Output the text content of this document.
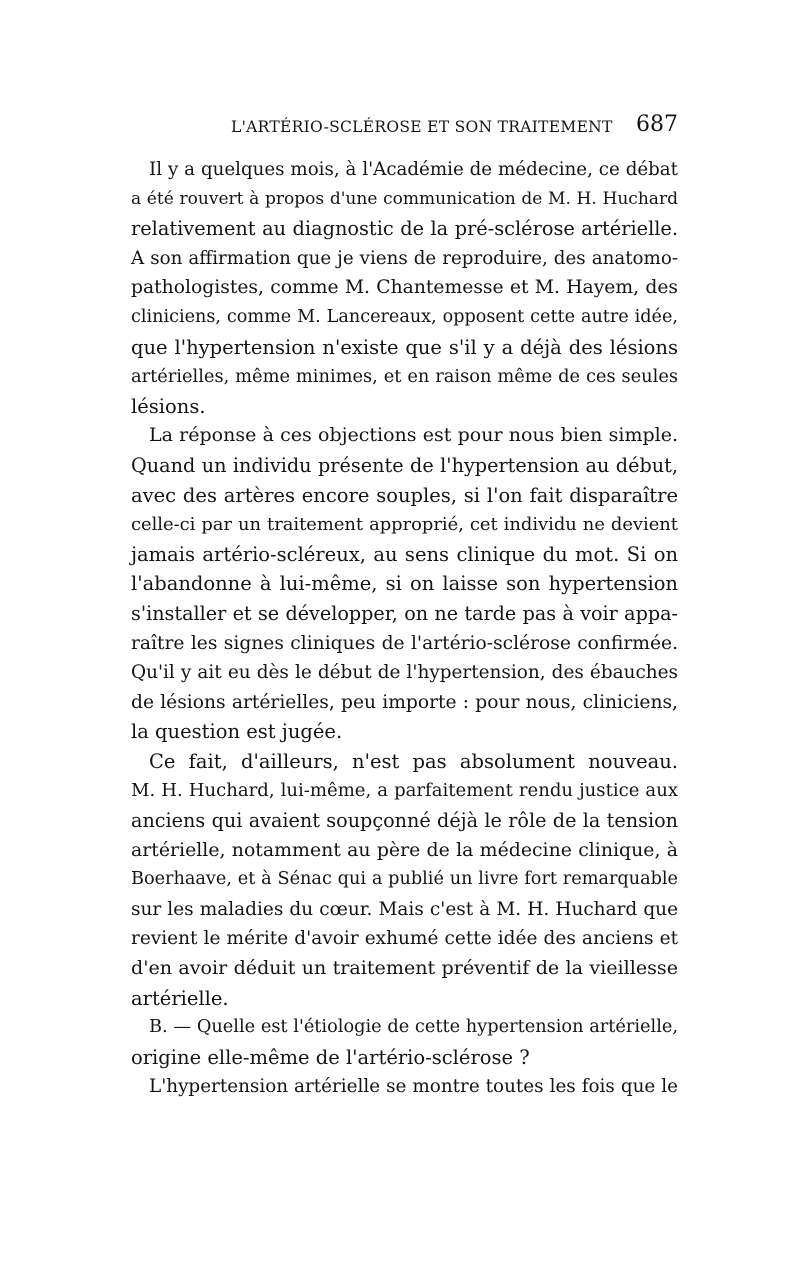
L'ARTÉRIO-SCLÉROSE ET SON TRAITEMENT 687
Il y a quelques mois, à l'Académie de médecine, ce débat
a été rouvert à propos d'une communication de M. H. Huchard
relativement au diagnostic de la pré-sclérose artérielle.
A son affirmation que je viens de reproduire, des anatomo-
pathologistes, comme M. Chantemesse et M. Hayem, des
cliniciens, comme M. Lancereaux, opposent cette autre idée,
que l'hypertension n'existe que s'il y a déjà des lésions
artérielles, même minimes, et en raison même de ces seules
lésions.
La réponse à ces objections est pour nous bien simple.
Quand un individu présente de l'hypertension au début,
avec des artères encore souples, si l'on fait disparaître
celle-ci par un traitement approprié, cet individu ne devient
jamais artério-scléreux, au sens clinique du mot. Si on
l'abandonne à lui-même, si on laisse son hypertension
s'installer et se développer, on ne tarde pas à voir appa-
raître les signes cliniques de l'artério-sclérose confirmée.
Qu'il y ait eu dès le début de l'hypertension, des ébauches
de lésions artérielles, peu importe : pour nous, cliniciens,
la question est jugée.
Ce fait, d'ailleurs, n'est pas absolument nouveau.
M. H. Huchard, lui-même, a parfaitement rendu justice aux
anciens qui avaient soupçonné déjà le rôle de la tension
artérielle, notamment au père de la médecine clinique, à
Boerhaave, et à Sénac qui a publié un livre fort remarquable
sur les maladies du cœur. Mais c'est à M. H. Huchard que
revient le mérite d'avoir exhumé cette idée des anciens et
d'en avoir déduit un traitement préventif de la vieillesse
artérielle.
B. — Quelle est l'étiologie de cette hypertension artérielle,
origine elle-même de l'artério-sclérose ?
L'hypertension artérielle se montre toutes les fois que le
